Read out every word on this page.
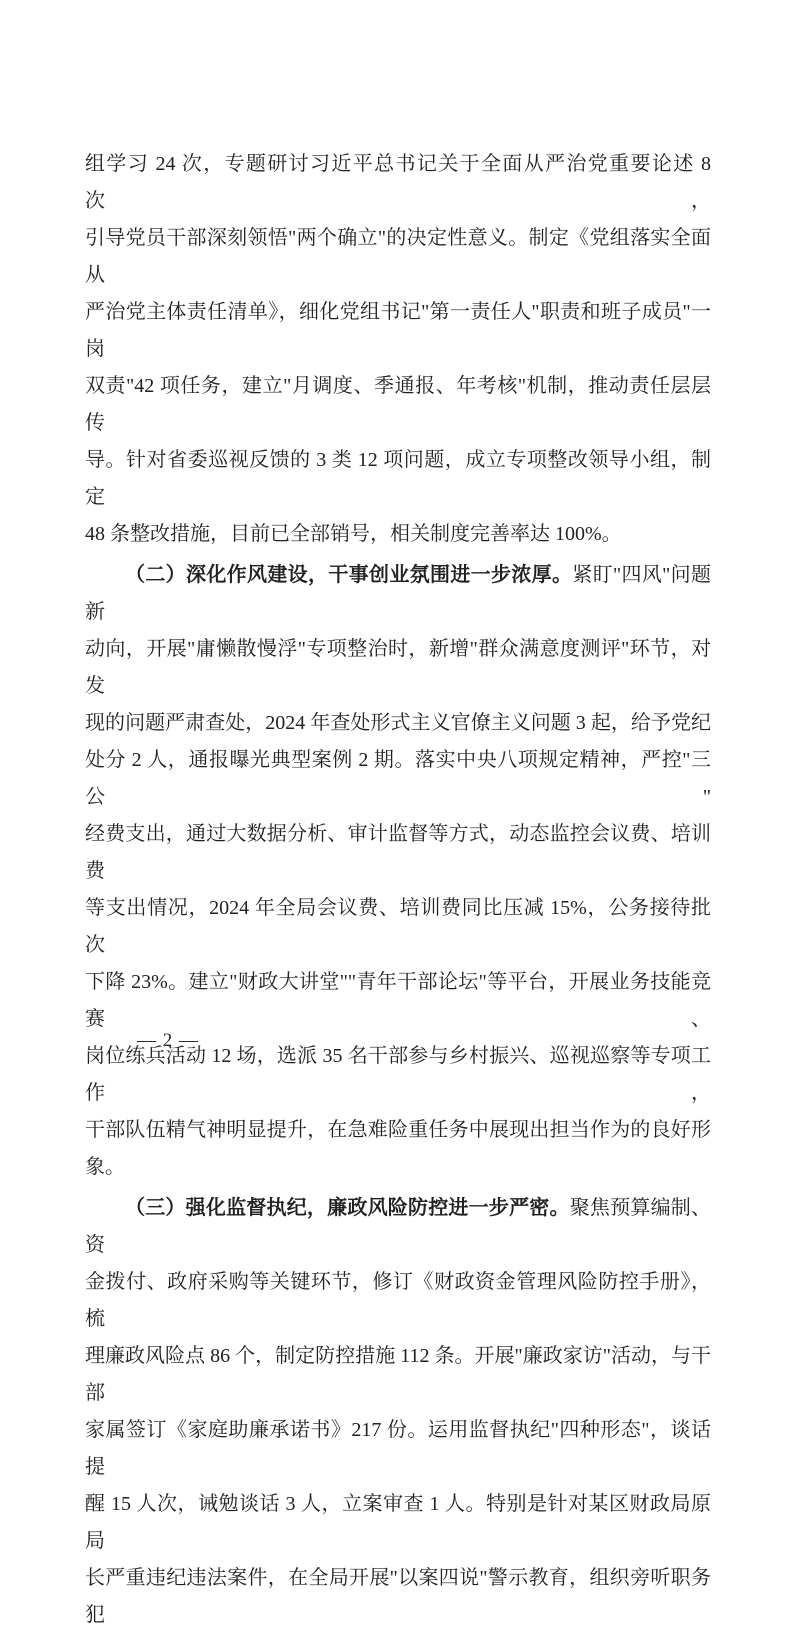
组学习 24 次，专题研讨习近平总书记关于全面从严治党重要论述 8 次，
引导党员干部深刻领悟"两个确立"的决定性意义。制定《党组落实全面从
严治党主体责任清单》，细化党组书记"第一责任人"职责和班子成员"一岗
双责"42 项任务，建立"月调度、季通报、年考核"机制，推动责任层层传
导。针对省委巡视反馈的 3 类 12 项问题，成立专项整改领导小组，制定
48 条整改措施，目前已全部销号，相关制度完善率达 100%。
（二）深化作风建设，干事创业氛围进一步浓厚。紧盯"四风"问题新
动向，开展"庸懒散慢浮"专项整治时，新增"群众满意度测评"环节，对发
现的问题严肃查处，2024 年查处形式主义官僚主义问题 3 起，给予党纪
处分 2 人，通报曝光典型案例 2 期。落实中央八项规定精神，严控"三公"
经费支出，通过大数据分析、审计监督等方式，动态监控会议费、培训费
等支出情况，2024 年全局会议费、培训费同比压减 15%，公务接待批次
下降 23%。建立"财政大讲堂""青年干部论坛"等平台，开展业务技能竞赛、
岗位练兵活动 12 场，选派 35 名干部参与乡村振兴、巡视巡察等专项工作，
干部队伍精气神明显提升，在急难险重任务中展现出担当作为的良好形
象。
（三）强化监督执纪，廉政风险防控进一步严密。聚焦预算编制、资
金拨付、政府采购等关键环节，修订《财政资金管理风险防控手册》，梳
理廉政风险点 86 个，制定防控措施 112 条。开展"廉政家访"活动，与干部
家属签订《家庭助廉承诺书》217 份。运用监督执纪"四种形态"，谈话提
醒 15 人次，诫勉谈话 3 人，立案审查 1 人。特别是针对某区财政局原局
长严重违纪违法案件，在全局开展"以案四说"警示教育，组织旁听职务犯
— 2 —
